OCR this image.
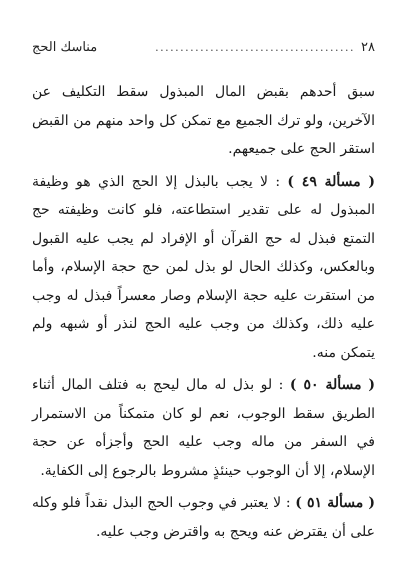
٢٨
........................................
مناسك الحج

سبق أحدهم بقبض المال المبذول سقط التكليف عن الآخرين، ولو ترك الجميع مع تمكن كل واحد منهم من القبض استقر الحج على جميعهم.

( مسألة ٤٩ ) : لا يجب بالبذل إلا الحج الذي هو وظيفة المبذول له على تقدير استطاعته، فلو كانت وظيفته حج التمتع فبذل له حج القرآن أو الإفراد لم يجب عليه القبول وبالعكس، وكذلك الحال لو بذل لمن حج حجة الإسلام، وأما من استقرت عليه حجة الإسلام وصار معسراً فبذل له وجب عليه ذلك، وكذلك من وجب عليه الحج لنذر أو شبهه ولم يتمكن منه.

( مسألة ٥٠ ) : لو بذل له مال ليحج به فتلف المال أثناء الطريق سقط الوجوب، نعم لو كان متمكناً من الاستمرار في السفر من ماله وجب عليه الحج وأجزأه عن حجة الإسلام، إلا أن الوجوب حينئذٍ مشروط بالرجوع إلى الكفاية.

( مسألة ٥١ ) : لا يعتبر في وجوب الحج البذل نقداً فلو وكله على أن يقترض عنه ويحج به واقترض وجب عليه.
